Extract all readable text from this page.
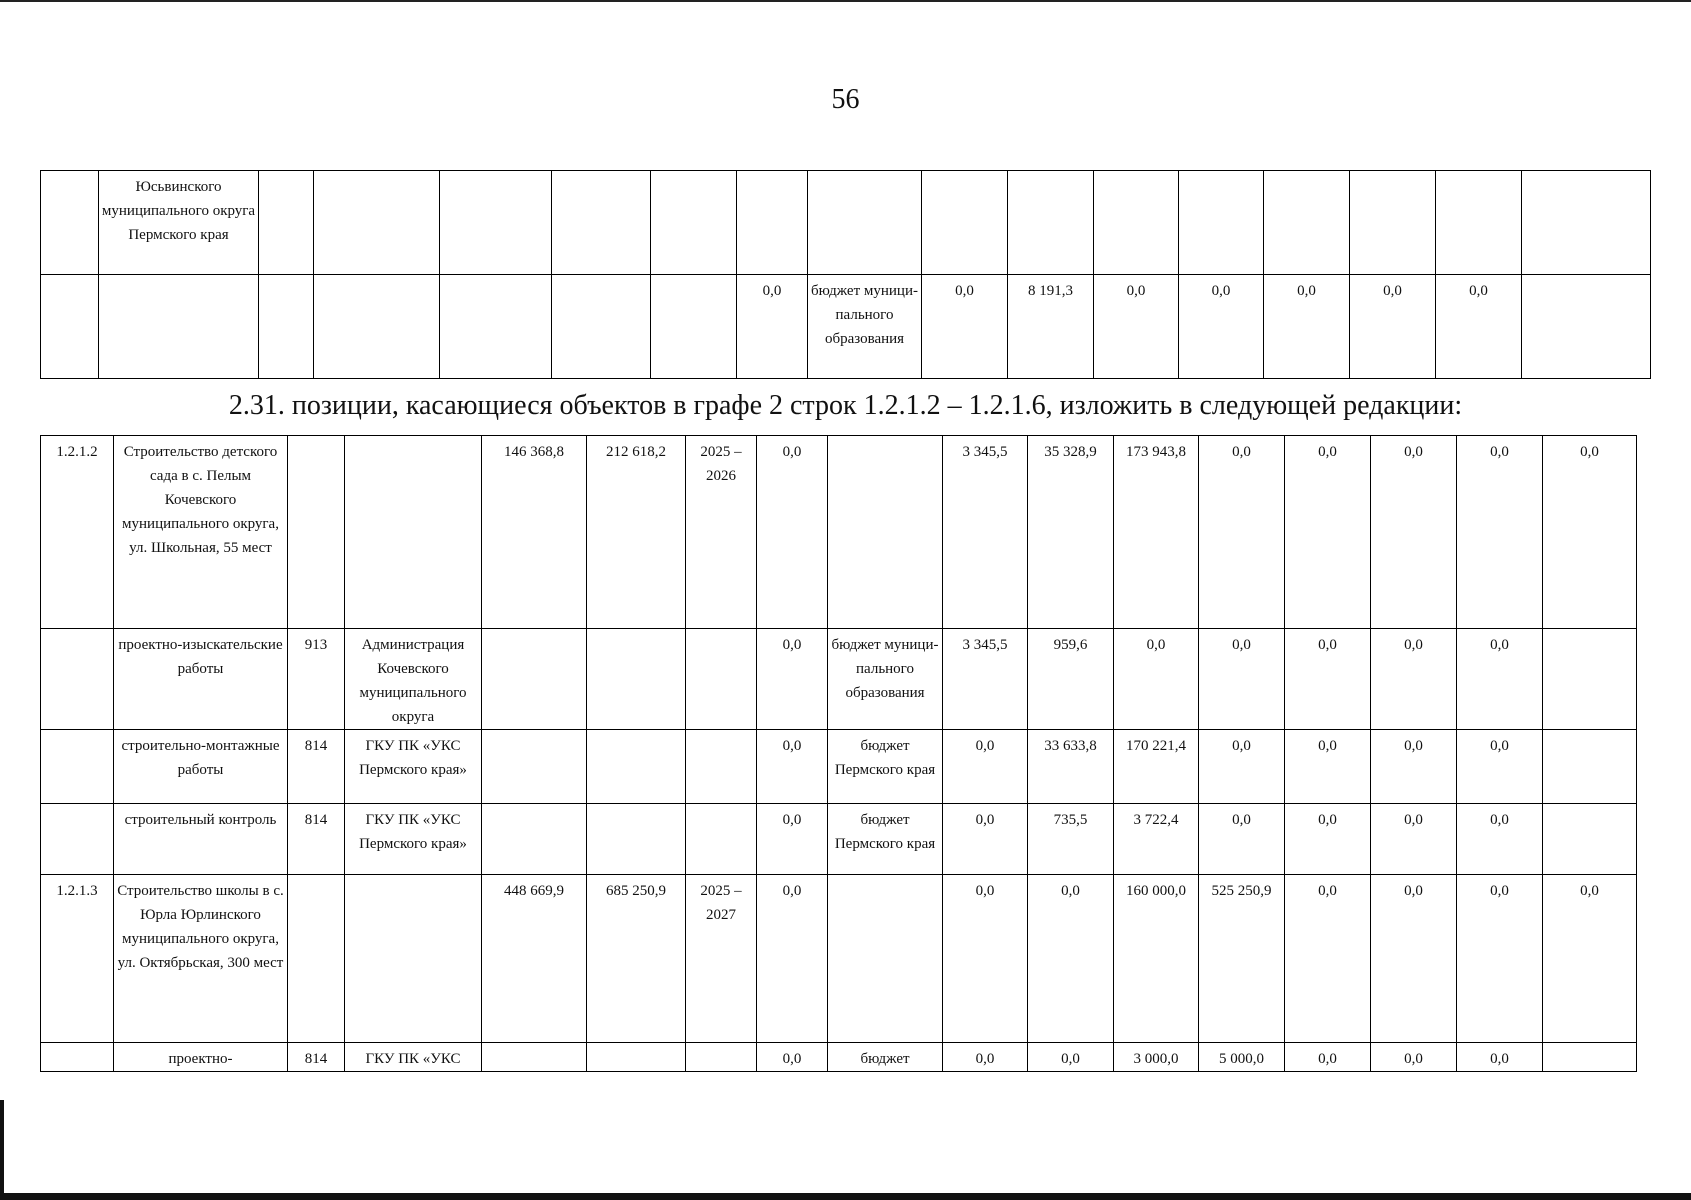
56
	Юсьвинского муниципального округа Пермского края															
							0,0	бюджет муници- пального образования	0,0	8 191,3	0,0	0,0	0,0	0,0	0,0	
2.31. позиции, касающиеся объектов в графе 2 строк 1.2.1.2 – 1.2.1.6, изложить в следующей редакции:
1.2.1.2	Строительство детского сада в с. Пелым Кочевского муниципального округа, ул. Школьная, 55 мест			146 368,8	212 618,2	2025 – 2026	0,0		3 345,5	35 328,9	173 943,8	0,0	0,0	0,0	0,0	0,0
	проектно-изыскательские работы	913	Администрация Кочевского муниципального округа				0,0	бюджет муници- пального образования	3 345,5	959,6	0,0	0,0	0,0	0,0	0,0	
	строительно-монтажные работы	814	ГКУ ПК «УКС Пермского края»				0,0	бюджет Пермского края	0,0	33 633,8	170 221,4	0,0	0,0	0,0	0,0	
	строительный контроль	814	ГКУ ПК «УКС Пермского края»				0,0	бюджет Пермского края	0,0	735,5	3 722,4	0,0	0,0	0,0	0,0	
1.2.1.3	Строительство школы в с. Юрла Юрлинского муниципального округа, ул. Октябрьская, 300 мест			448 669,9	685 250,9	2025 – 2027	0,0		0,0	0,0	160 000,0	525 250,9	0,0	0,0	0,0	0,0
	проектно-	814	ГКУ ПК «УКС				0,0	бюджет	0,0	0,0	3 000,0	5 000,0	0,0	0,0	0,0	
